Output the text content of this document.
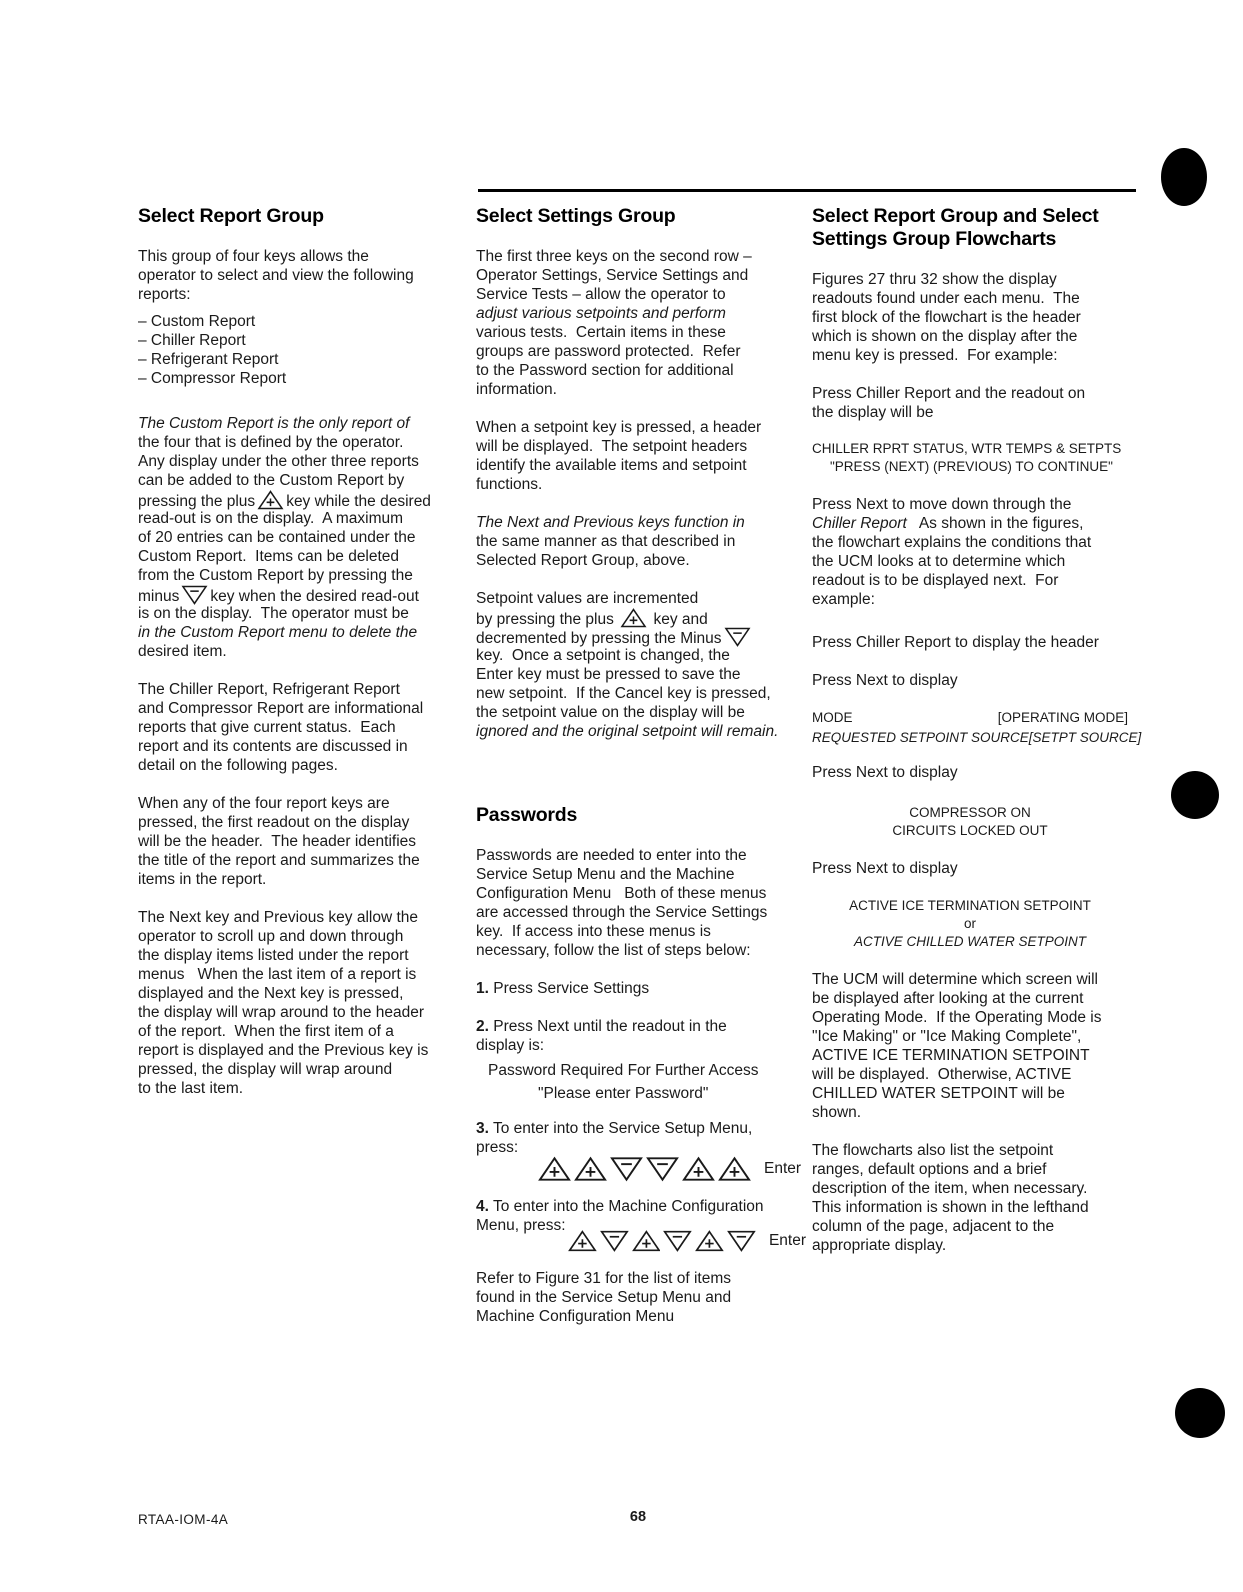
Select Report Group
This group of four keys allows the
operator to select and view the following
reports:
– Custom Report
– Chiller Report
– Refrigerant Report
– Compressor Report
The Custom Report is the only report of
the four that is defined by the operator.
Any display under the other three reports
can be added to the Custom Report by
pressing the plus key while the desired
read-out is on the display.  A maximum
of 20 entries can be contained under the
Custom Report.  Items can be deleted
from the Custom Report by pressing the
minus key when the desired read-out
is on the display.  The operator must be
in the Custom Report menu to delete the
desired item.
The Chiller Report, Refrigerant Report
and Compressor Report are informational
reports that give current status.  Each
report and its contents are discussed in
detail on the following pages.
When any of the four report keys are
pressed, the first readout on the display
will be the header.  The header identifies
the title of the report and summarizes the
items in the report.
The Next key and Previous key allow the
operator to scroll up and down through
the display items listed under the report
menus   When the last item of a report is
displayed and the Next key is pressed,
the display will wrap around to the header
of the report.  When the first item of a
report is displayed and the Previous key is
pressed, the display will wrap around
to the last item.
Select Settings Group
The first three keys on the second row –
Operator Settings, Service Settings and
Service Tests – allow the operator to
adjust various setpoints and perform
various tests.  Certain items in these
groups are password protected.  Refer
to the Password section for additional
information.
When a setpoint key is pressed, a header
will be displayed.  The setpoint headers
identify the available items and setpoint
functions.
The Next and Previous keys function in
the same manner as that described in
Selected Report Group, above.
Setpoint values are incremented
by pressing the plus
key and
decremented by pressing the Minus
key.  Once a setpoint is changed, the
Enter key must be pressed to save the
new setpoint.  If the Cancel key is pressed,
the setpoint value on the display will be
ignored and the original setpoint will remain.
Passwords
Passwords are needed to enter into the
Service Setup Menu and the Machine
Configuration Menu   Both of these menus
are accessed through the Service Settings
key.  If access into these menus is
necessary, follow the list of steps below:
1. Press Service Settings
2. Press Next until the readout in the
display is:
Password Required For Further Access
"Please enter Password"
3. To enter into the Service Setup Menu,
press:
Enter
4. To enter into the Machine Configuration
Menu, press:
Enter
Refer to Figure 31 for the list of items
found in the Service Setup Menu and
Machine Configuration Menu
Select Report Group and Select
Settings Group Flowcharts
Figures 27 thru 32 show the display
readouts found under each menu.  The
first block of the flowchart is the header
which is shown on the display after the
menu key is pressed.  For example:
Press Chiller Report and the readout on
the display will be
CHILLER RPRT STATUS, WTR TEMPS & SETPTS
"PRESS (NEXT) (PREVIOUS) TO CONTINUE"
Press Next to move down through the
Chiller Report   As shown in the figures,
the flowchart explains the conditions that
the UCM looks at to determine which
readout is to be displayed next.  For
example:
Press Chiller Report to display the header
Press Next to display
MODE	[OPERATING MODE]
REQUESTED SETPOINT SOURCE [SETPT SOURCE]
Press Next to display
COMPRESSOR ON
CIRCUITS LOCKED OUT
Press Next to display
ACTIVE ICE TERMINATION SETPOINT
or
ACTIVE CHILLED WATER SETPOINT
The UCM will determine which screen will
be displayed after looking at the current
Operating Mode.  If the Operating Mode is
"Ice Making" or "Ice Making Complete",
ACTIVE ICE TERMINATION SETPOINT
will be displayed.  Otherwise, ACTIVE
CHILLED WATER SETPOINT will be
shown.
The flowcharts also list the setpoint
ranges, default options and a brief
description of the item, when necessary.
This information is shown in the lefthand
column of the page, adjacent to the
appropriate display.
RTAA-IOM-4A	68
